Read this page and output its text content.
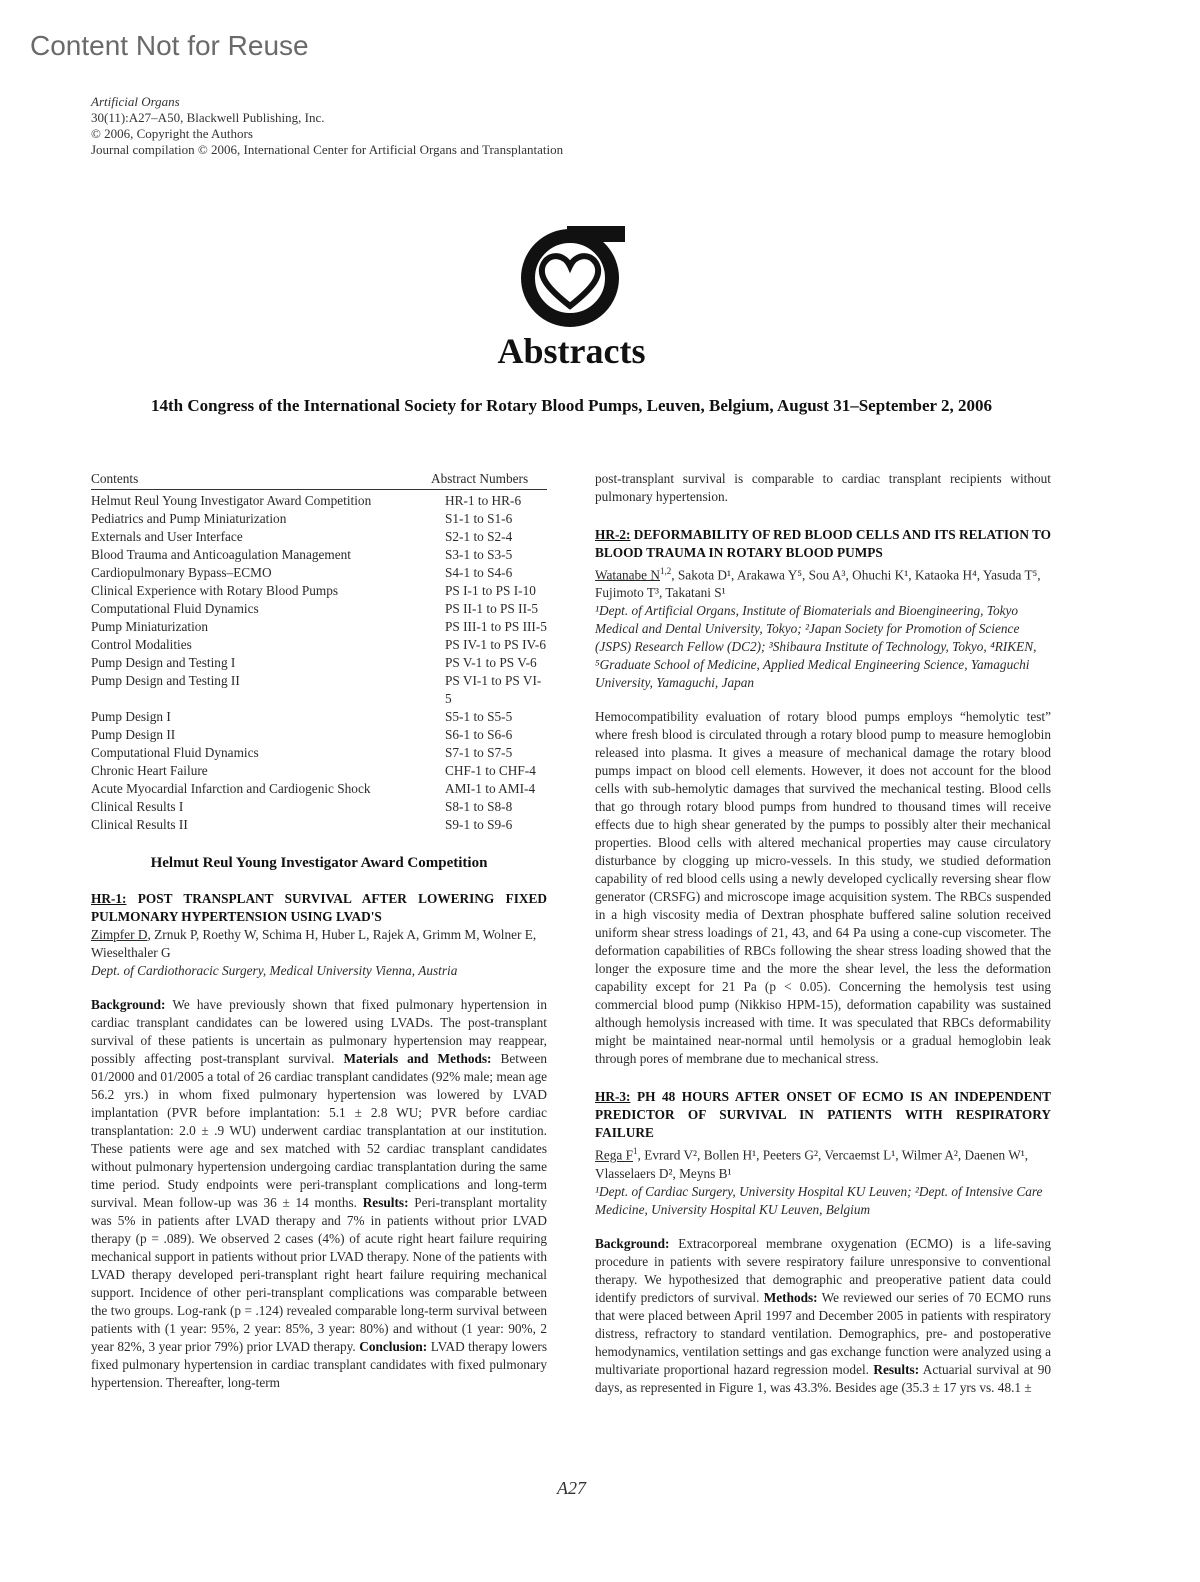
Content Not for Reuse
Artificial Organs
30(11):A27–A50, Blackwell Publishing, Inc.
© 2006, Copyright the Authors
Journal compilation © 2006, International Center for Artificial Organs and Transplantation
Abstracts
14th Congress of the International Society for Rotary Blood Pumps, Leuven, Belgium, August 31–September 2, 2006
Contents	Abstract Numbers
Helmut Reul Young Investigator Award Competition	HR-1 to HR-6
Pediatrics and Pump Miniaturization	S1-1 to S1-6
Externals and User Interface	S2-1 to S2-4
Blood Trauma and Anticoagulation Management	S3-1 to S3-5
Cardiopulmonary Bypass–ECMO	S4-1 to S4-6
Clinical Experience with Rotary Blood Pumps	PS I-1 to PS I-10
Computational Fluid Dynamics	PS II-1 to PS II-5
Pump Miniaturization	PS III-1 to PS III-5
Control Modalities	PS IV-1 to PS IV-6
Pump Design and Testing I	PS V-1 to PS V-6
Pump Design and Testing II	PS VI-1 to PS VI-5
Pump Design I	S5-1 to S5-5
Pump Design II	S6-1 to S6-6
Computational Fluid Dynamics	S7-1 to S7-5
Chronic Heart Failure	CHF-1 to CHF-4
Acute Myocardial Infarction and Cardiogenic Shock	AMI-1 to AMI-4
Clinical Results I	S8-1 to S8-8
Clinical Results II	S9-1 to S9-6
Helmut Reul Young Investigator Award Competition
HR-1: POST TRANSPLANT SURVIVAL AFTER LOWERING FIXED PULMONARY HYPERTENSION USING LVAD'S
Zimpfer D, Zrnuk P, Roethy W, Schima H, Huber L, Rajek A, Grimm M, Wolner E, Wieselthaler G
Dept. of Cardiothoracic Surgery, Medical University Vienna, Austria
Background: We have previously shown that fixed pulmonary hypertension in cardiac transplant candidates can be lowered using LVADs. The post-transplant survival of these patients is uncertain as pulmonary hypertension may reappear, possibly affecting post-transplant survival. Materials and Methods: Between 01/2000 and 01/2005 a total of 26 cardiac transplant candidates (92% male; mean age 56.2 yrs.) in whom fixed pulmonary hypertension was lowered by LVAD implantation (PVR before implantation: 5.1 ± 2.8 WU; PVR before cardiac transplantation: 2.0 ± .9 WU) underwent cardiac transplantation at our institution. These patients were age and sex matched with 52 cardiac transplant candidates without pulmonary hypertension undergoing cardiac transplantation during the same time period. Study endpoints were peri-transplant complications and long-term survival. Mean follow-up was 36 ± 14 months. Results: Peri-transplant mortality was 5% in patients after LVAD therapy and 7% in patients without prior LVAD therapy (p = .089). We observed 2 cases (4%) of acute right heart failure requiring mechanical support in patients without prior LVAD therapy. None of the patients with LVAD therapy developed peri-transplant right heart failure requiring mechanical support. Incidence of other peri-transplant complications was comparable between the two groups. Log-rank (p = .124) revealed comparable long-term survival between patients with (1 year: 95%, 2 year: 85%, 3 year: 80%) and without (1 year: 90%, 2 year 82%, 3 year prior 79%) prior LVAD therapy. Conclusion: LVAD therapy lowers fixed pulmonary hypertension in cardiac transplant candidates with fixed pulmonary hypertension. Thereafter, long-term
post-transplant survival is comparable to cardiac transplant recipients without pulmonary hypertension.
HR-2: DEFORMABILITY OF RED BLOOD CELLS AND ITS RELATION TO BLOOD TRAUMA IN ROTARY BLOOD PUMPS
Watanabe N$^{1,2}$, Sakota D¹, Arakawa Y⁵, Sou A³, Ohuchi K¹, Kataoka H⁴, Yasuda T⁵, Fujimoto T³, Takatani S¹
¹Dept. of Artificial Organs, Institute of Biomaterials and Bioengineering, Tokyo Medical and Dental University, Tokyo; ²Japan Society for Promotion of Science (JSPS) Research Fellow (DC2); ³Shibaura Institute of Technology, Tokyo, ⁴RIKEN, ⁵Graduate School of Medicine, Applied Medical Engineering Science, Yamaguchi University, Yamaguchi, Japan
Hemocompatibility evaluation of rotary blood pumps employs “hemolytic test” where fresh blood is circulated through a rotary blood pump to measure hemoglobin released into plasma. It gives a measure of mechanical damage the rotary blood pumps impact on blood cell elements. However, it does not account for the blood cells with sub-hemolytic damages that survived the mechanical testing. Blood cells that go through rotary blood pumps from hundred to thousand times will receive effects due to high shear generated by the pumps to possibly alter their mechanical properties. Blood cells with altered mechanical properties may cause circulatory disturbance by clogging up micro-vessels. In this study, we studied deformation capability of red blood cells using a newly developed cyclically reversing shear flow generator (CRSFG) and microscope image acquisition system. The RBCs suspended in a high viscosity media of Dextran phosphate buffered saline solution received uniform shear stress loadings of 21, 43, and 64 Pa using a cone-cup viscometer. The deformation capabilities of RBCs following the shear stress loading showed that the longer the exposure time and the more the shear level, the less the deformation capability except for 21 Pa (p < 0.05). Concerning the hemolysis test using commercial blood pump (Nikkiso HPM-15), deformation capability was sustained although hemolysis increased with time. It was speculated that RBCs deformability might be maintained near-normal until hemolysis or a gradual hemoglobin leak through pores of membrane due to mechanical stress.
HR-3: PH 48 HOURS AFTER ONSET OF ECMO IS AN INDEPENDENT PREDICTOR OF SURVIVAL IN PATIENTS WITH RESPIRATORY FAILURE
Rega $F^1$, Evrard V², Bollen H¹, Peeters G², Vercaemst L¹, Wilmer A², Daenen W¹, Vlasselaers D², Meyns B¹
¹Dept. of Cardiac Surgery, University Hospital KU Leuven; ²Dept. of Intensive Care Medicine, University Hospital KU Leuven, Belgium
Background: Extracorporeal membrane oxygenation (ECMO) is a life-saving procedure in patients with severe respiratory failure unresponsive to conventional therapy. We hypothesized that demographic and preoperative patient data could identify predictors of survival. Methods: We reviewed our series of 70 ECMO runs that were placed between April 1997 and December 2005 in patients with respiratory distress, refractory to standard ventilation. Demographics, pre- and postoperative hemodynamics, ventilation settings and gas exchange function were analyzed using a multivariate proportional hazard regression model. Results: Actuarial survival at 90 days, as represented in Figure 1, was 43.3%. Besides age (35.3 ± 17 yrs vs. 48.1 ±
A27
